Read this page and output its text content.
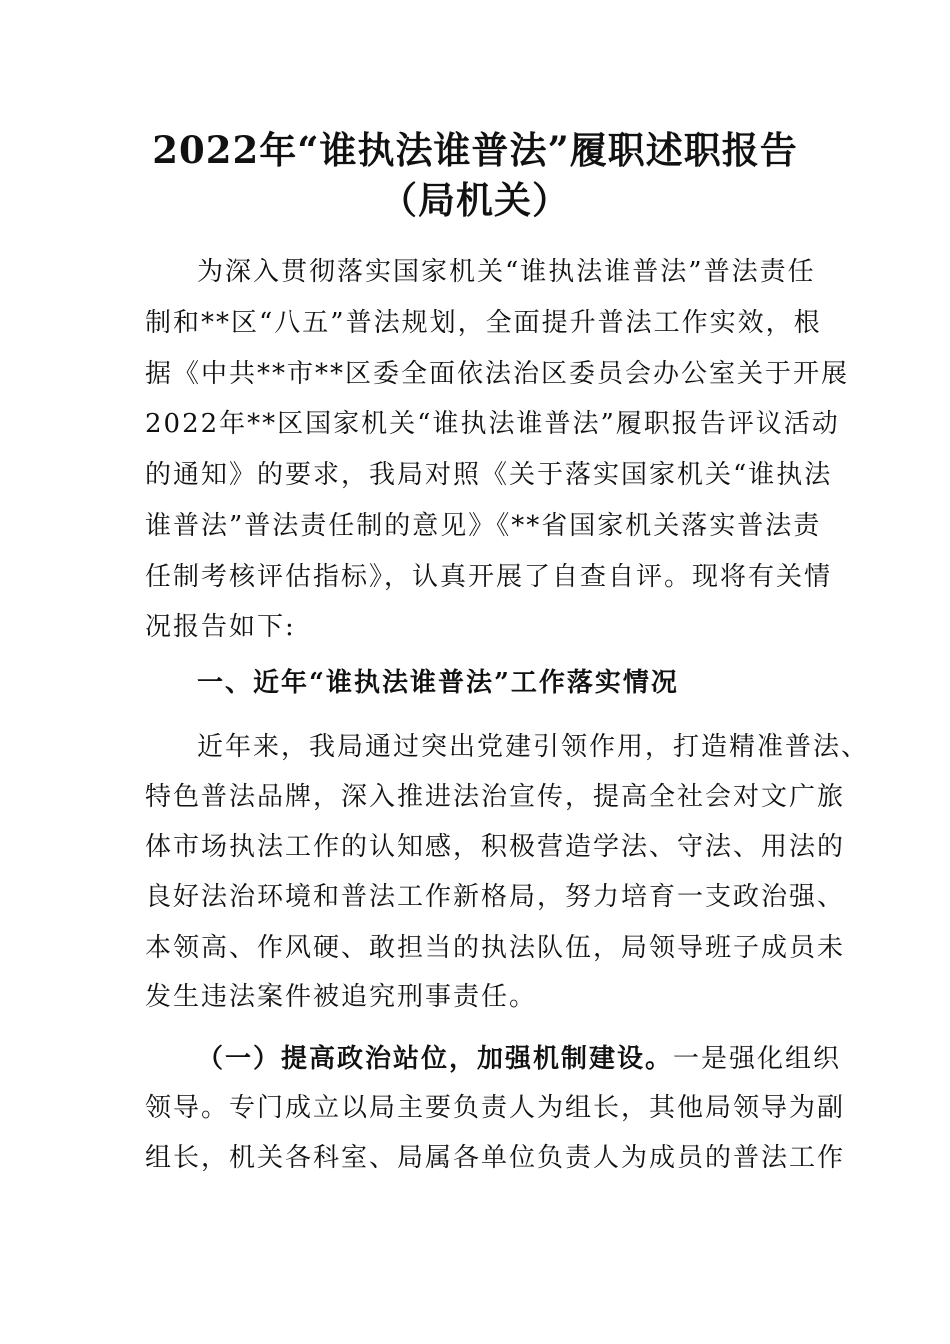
2022年“谁执法谁普法”履职述职报告
（局机关）
为深入贯彻落实国家机关“谁执法谁普法”普法责任
制和**区“八五”普法规划，全面提升普法工作实效，根
据《中共**市**区委全面依法治区委员会办公室关于开展
2022年**区国家机关“谁执法谁普法”履职报告评议活动
的通知》的要求，我局对照《关于落实国家机关“谁执法
谁普法”普法责任制的意见》《**省国家机关落实普法责
任制考核评估指标》，认真开展了自查自评。现将有关情
况报告如下:
一、近年“谁执法谁普法”工作落实情况
近年来，我局通过突出党建引领作用，打造精准普法、
特色普法品牌，深入推进法治宣传，提高全社会对文广旅
体市场执法工作的认知感，积极营造学法、守法、用法的
良好法治环境和普法工作新格局，努力培育一支政治强、
本领高、作风硬、敢担当的执法队伍，局领导班子成员未
发生违法案件被追究刑事责任。
（一）提高政治站位，加强机制建设。一是强化组织
领导。专门成立以局主要负责人为组长，其他局领导为副
组长，机关各科室、局属各单位负责人为成员的普法工作
